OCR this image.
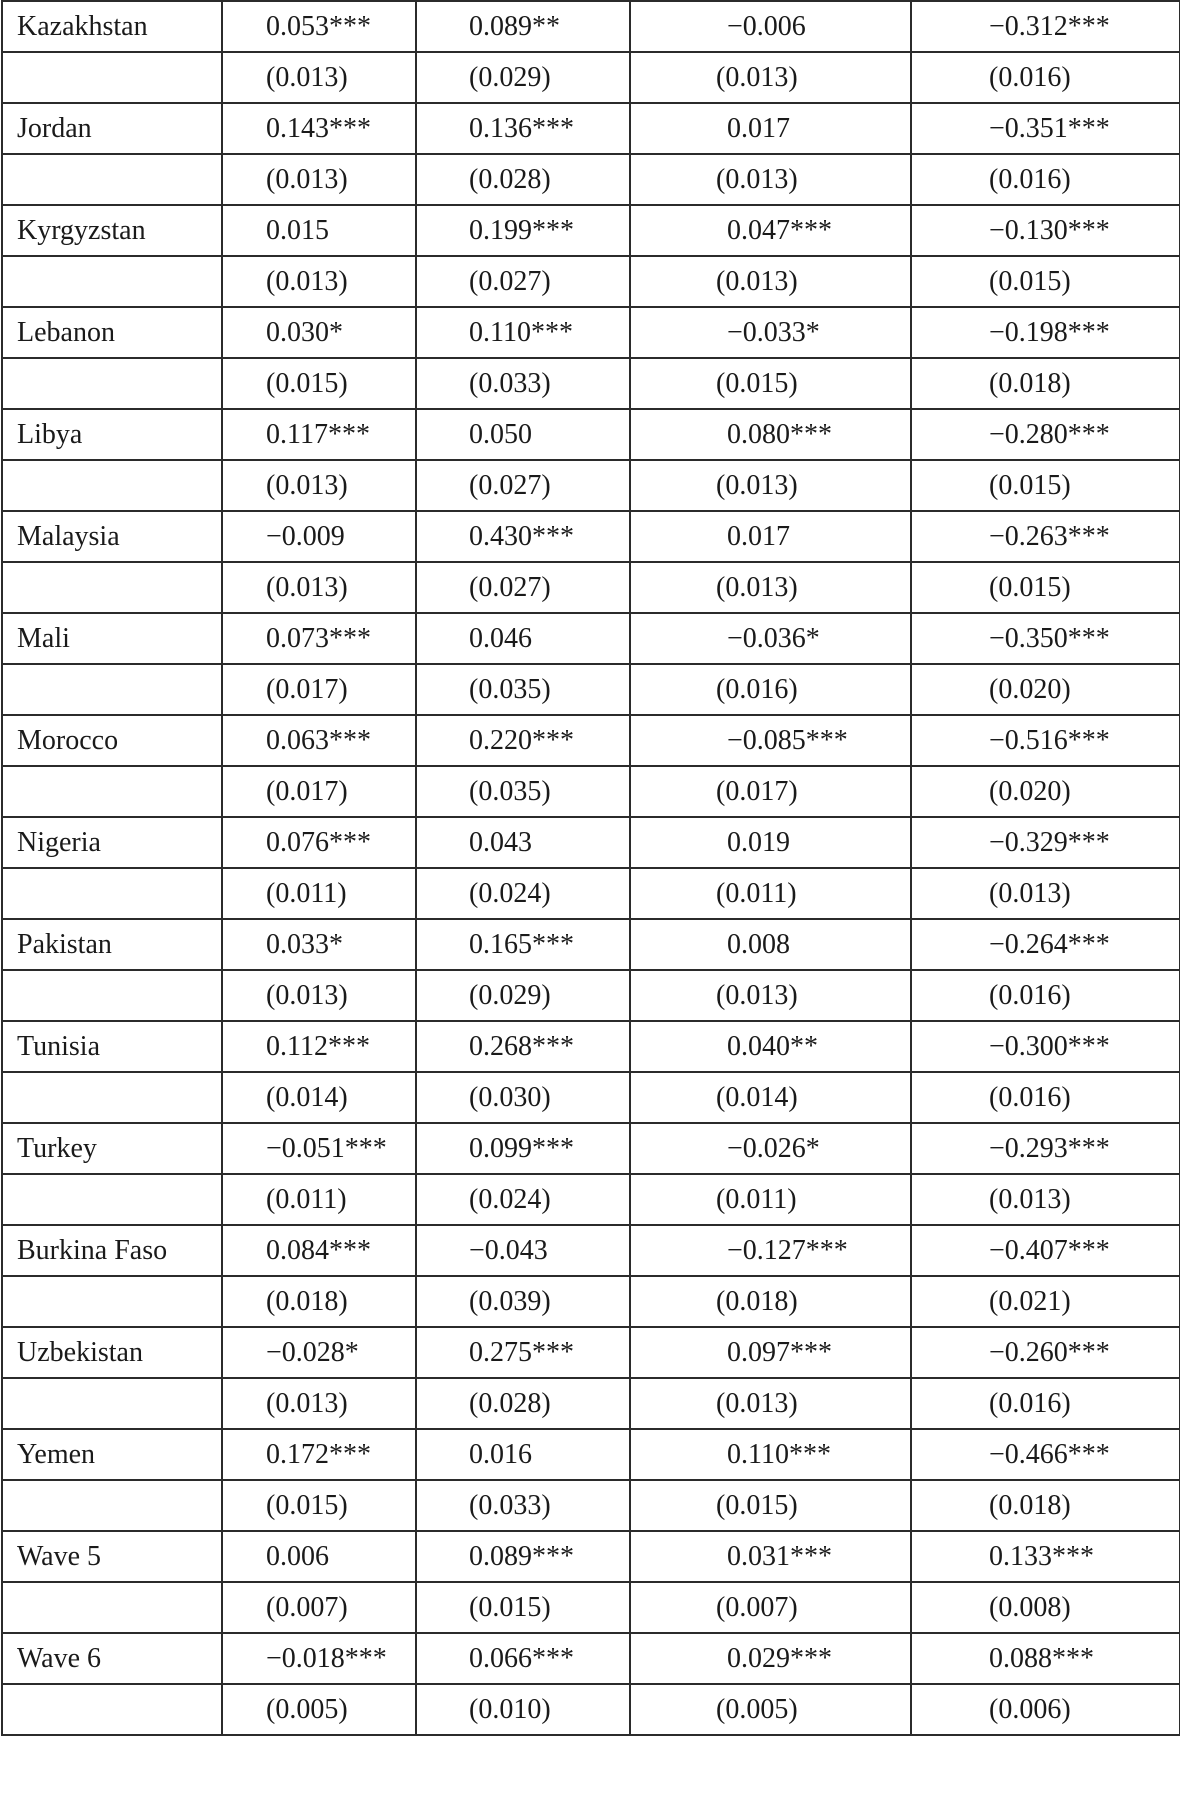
Kazakhstan	0.053***	0.089**	−0.006	−0.312***
	(0.013)	(0.029)	(0.013)	(0.016)
Jordan	0.143***	0.136***	0.017	−0.351***
	(0.013)	(0.028)	(0.013)	(0.016)
Kyrgyzstan	0.015	0.199***	0.047***	−0.130***
	(0.013)	(0.027)	(0.013)	(0.015)
Lebanon	0.030*	0.110***	−0.033*	−0.198***
	(0.015)	(0.033)	(0.015)	(0.018)
Libya	0.117***	0.050	0.080***	−0.280***
	(0.013)	(0.027)	(0.013)	(0.015)
Malaysia	−0.009	0.430***	0.017	−0.263***
	(0.013)	(0.027)	(0.013)	(0.015)
Mali	0.073***	0.046	−0.036*	−0.350***
	(0.017)	(0.035)	(0.016)	(0.020)
Morocco	0.063***	0.220***	−0.085***	−0.516***
	(0.017)	(0.035)	(0.017)	(0.020)
Nigeria	0.076***	0.043	0.019	−0.329***
	(0.011)	(0.024)	(0.011)	(0.013)
Pakistan	0.033*	0.165***	0.008	−0.264***
	(0.013)	(0.029)	(0.013)	(0.016)
Tunisia	0.112***	0.268***	0.040**	−0.300***
	(0.014)	(0.030)	(0.014)	(0.016)
Turkey	−0.051***	0.099***	−0.026*	−0.293***
	(0.011)	(0.024)	(0.011)	(0.013)
Burkina Faso	0.084***	−0.043	−0.127***	−0.407***
	(0.018)	(0.039)	(0.018)	(0.021)
Uzbekistan	−0.028*	0.275***	0.097***	−0.260***
	(0.013)	(0.028)	(0.013)	(0.016)
Yemen	0.172***	0.016	0.110***	−0.466***
	(0.015)	(0.033)	(0.015)	(0.018)
Wave 5	0.006	0.089***	0.031***	0.133***
	(0.007)	(0.015)	(0.007)	(0.008)
Wave 6	−0.018***	0.066***	0.029***	0.088***
	(0.005)	(0.010)	(0.005)	(0.006)
